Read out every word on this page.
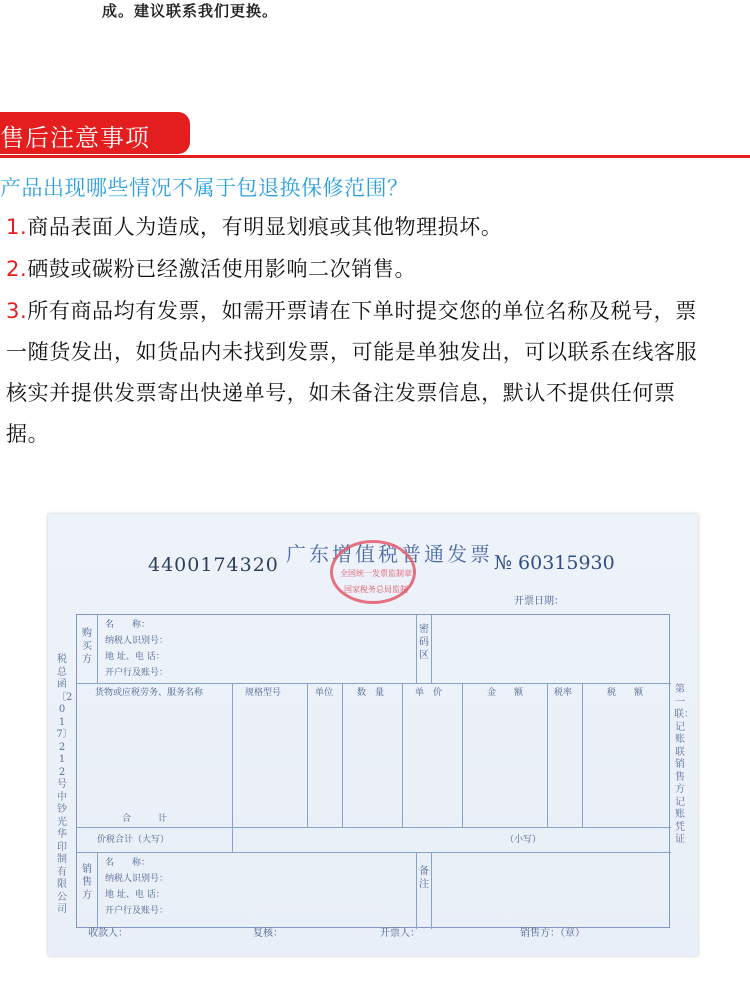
成。建议联系我们更换。
售后注意事项
产品出现哪些情况不属于包退换保修范围？
1.商品表面人为造成，有明显划痕或其他物理损坏。
2.硒鼓或碳粉已经激活使用影响二次销售。
3.所有商品均有发票，如需开票请在下单时提交您的单位名称及税号，票一随货发出，如货品内未找到发票，可能是单独发出，可以联系在线客服核实并提供发票寄出快递单号，如未备注发票信息，默认不提供任何票据。
4400174320 广东增值税普通发票
全国统一发票监制章
国家税务总局监制
№ 60315930
开票日期：
税总函〔2017〕212号中钞光华印制有限公司
第一联：记账联　销售方记账凭证
购买方
名　　称：
纳税人识别号：
地 址、电 话：
开户行及账号：
密码区
货物或应税劳务、服务名称	规格型号	单位	数　量	单　价	金　　额	税率	税　　额
合　　　计
价税合计（大写）	（小写）
销售方
名　　称：
纳税人识别号：
地 址、电 话：
开户行及账号：
备注
收款人：	复核：	开票人：	销售方：（章）
